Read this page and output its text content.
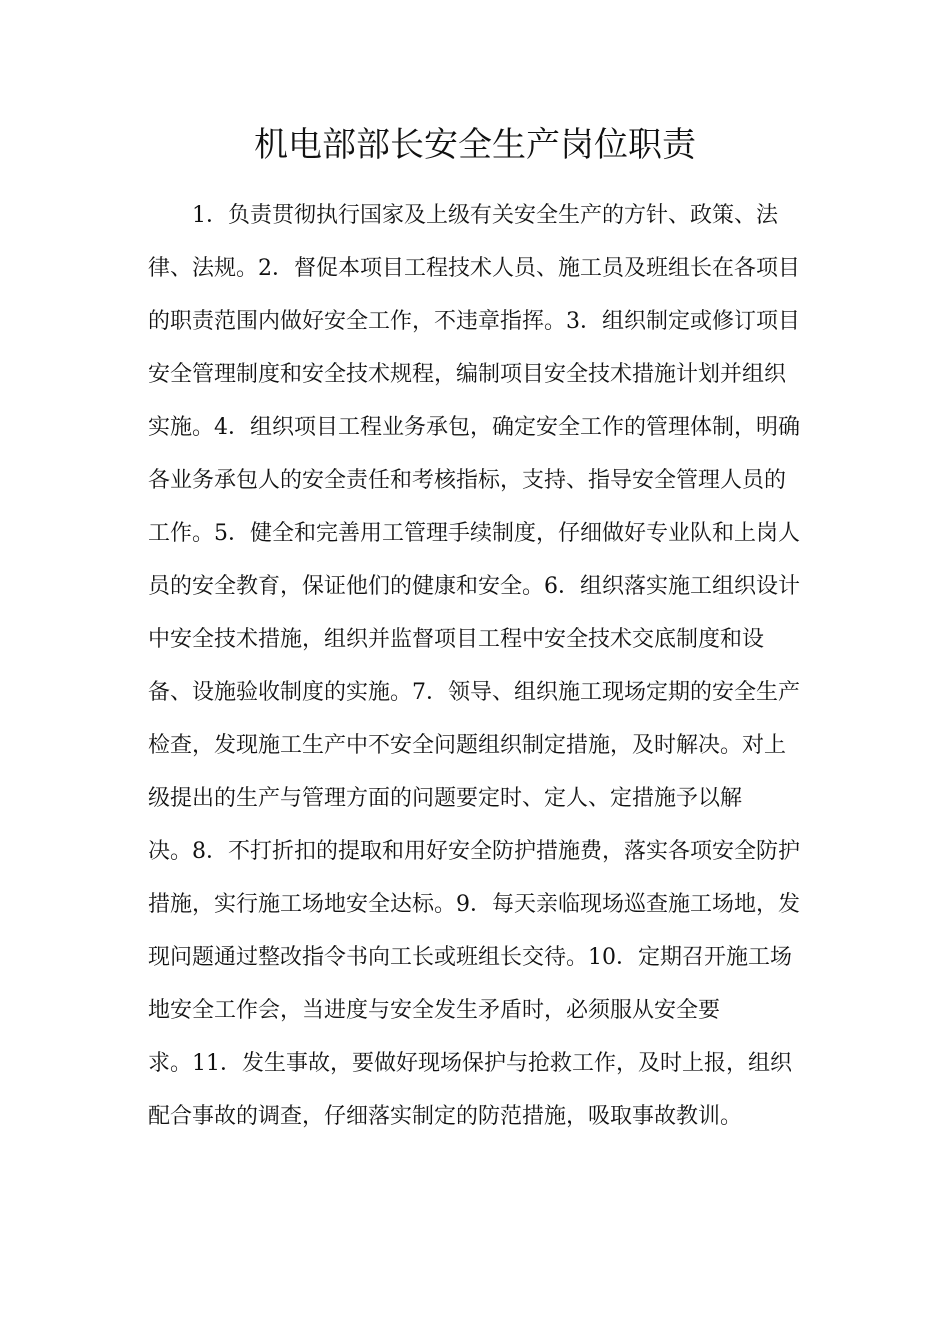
机电部部长安全生产岗位职责
1．负责贯彻执行国家及上级有关安全生产的方针、政策、法
律、法规。2．督促本项目工程技术人员、施工员及班组长在各项目
的职责范围内做好安全工作，不违章指挥。3．组织制定或修订项目
安全管理制度和安全技术规程，编制项目安全技术措施计划并组织
实施。4．组织项目工程业务承包，确定安全工作的管理体制，明确
各业务承包人的安全责任和考核指标，支持、指导安全管理人员的
工作。5．健全和完善用工管理手续制度，仔细做好专业队和上岗人
员的安全教育，保证他们的健康和安全。6．组织落实施工组织设计
中安全技术措施，组织并监督项目工程中安全技术交底制度和设
备、设施验收制度的实施。7．领导、组织施工现场定期的安全生产
检查，发现施工生产中不安全问题组织制定措施，及时解决。对上
级提出的生产与管理方面的问题要定时、定人、定措施予以解
决。8．不打折扣的提取和用好安全防护措施费，落实各项安全防护
措施，实行施工场地安全达标。9．每天亲临现场巡查施工场地，发
现问题通过整改指令书向工长或班组长交待。10．定期召开施工场
地安全工作会，当进度与安全发生矛盾时，必须服从安全要
求。11．发生事故，要做好现场保护与抢救工作，及时上报，组织
配合事故的调查，仔细落实制定的防范措施，吸取事故教训。
